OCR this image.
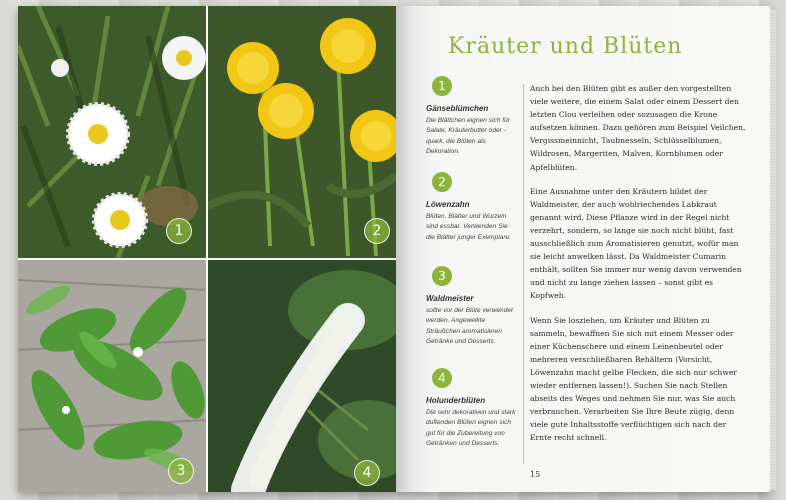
1	2
3	4
Kräuter und Blüten
1
Gänseblümchen
Die Blättchen eignen sich für Salate, Kräuterbutter oder -quark, die Blüten als Dekoration.
2
Löwenzahn
Blüten, Blätter und Wurzeln sind essbar. Verwenden Sie die Blätter junger Exemplare.
3
Waldmeister
sollte vor der Blüte verwendet werden. Angewelkte Sträußchen aromatisieren Getränke und Desserts.
4
Holunderblüten
Die sehr dekorativen und stark duftenden Blüten eignen sich gut für die Zubereitung von Getränken und Desserts.

Auch bei den Blüten gibt es außer den vorgestellten viele weitere, die einem Salat oder einem Dessert den letzten Clou verleihen oder sozusagen die Krone aufsetzen können. Dazu gehören zum Beispiel Veilchen, Vergissmeinnicht, Taubnesseln, Schlüsselblumen, Wildrosen, Margeriten, Malven, Kornblumen oder Apfelblüten.

Eine Ausnahme unter den Kräutern bildet der Waldmeister, der auch wohlriechendes Labkraut genannt wird. Diese Pflanze wird in der Regel nicht verzehrt, sondern, so lange sie noch nicht blüht, fast ausschließlich zum Aromatisieren genutzt, wofür man sie leicht anwelken lässt. Da Waldmeister Cumarin enthält, sollten Sie immer nur wenig davon verwenden und nicht zu lange ziehen lassen – sonst gibt es Kopfweh.

Wenn Sie losziehen, um Kräuter und Blüten zu sammeln, bewaffnen Sie sich mit einem Messer oder einer Küchenschere und einem Leinenbeutel oder mehreren verschließbaren Behältern (Vorsicht, Löwenzahn macht gelbe Flecken, die sich nur schwer wieder entfernen lassen!). Suchen Sie nach Stellen abseits des Weges und nehmen Sie nur, was Sie auch verbrauchen. Verarbeiten Sie Ihre Beute zügig, denn viele gute Inhaltsstoffe verflüchtigen sich nach der Ernte recht schnell.

15
